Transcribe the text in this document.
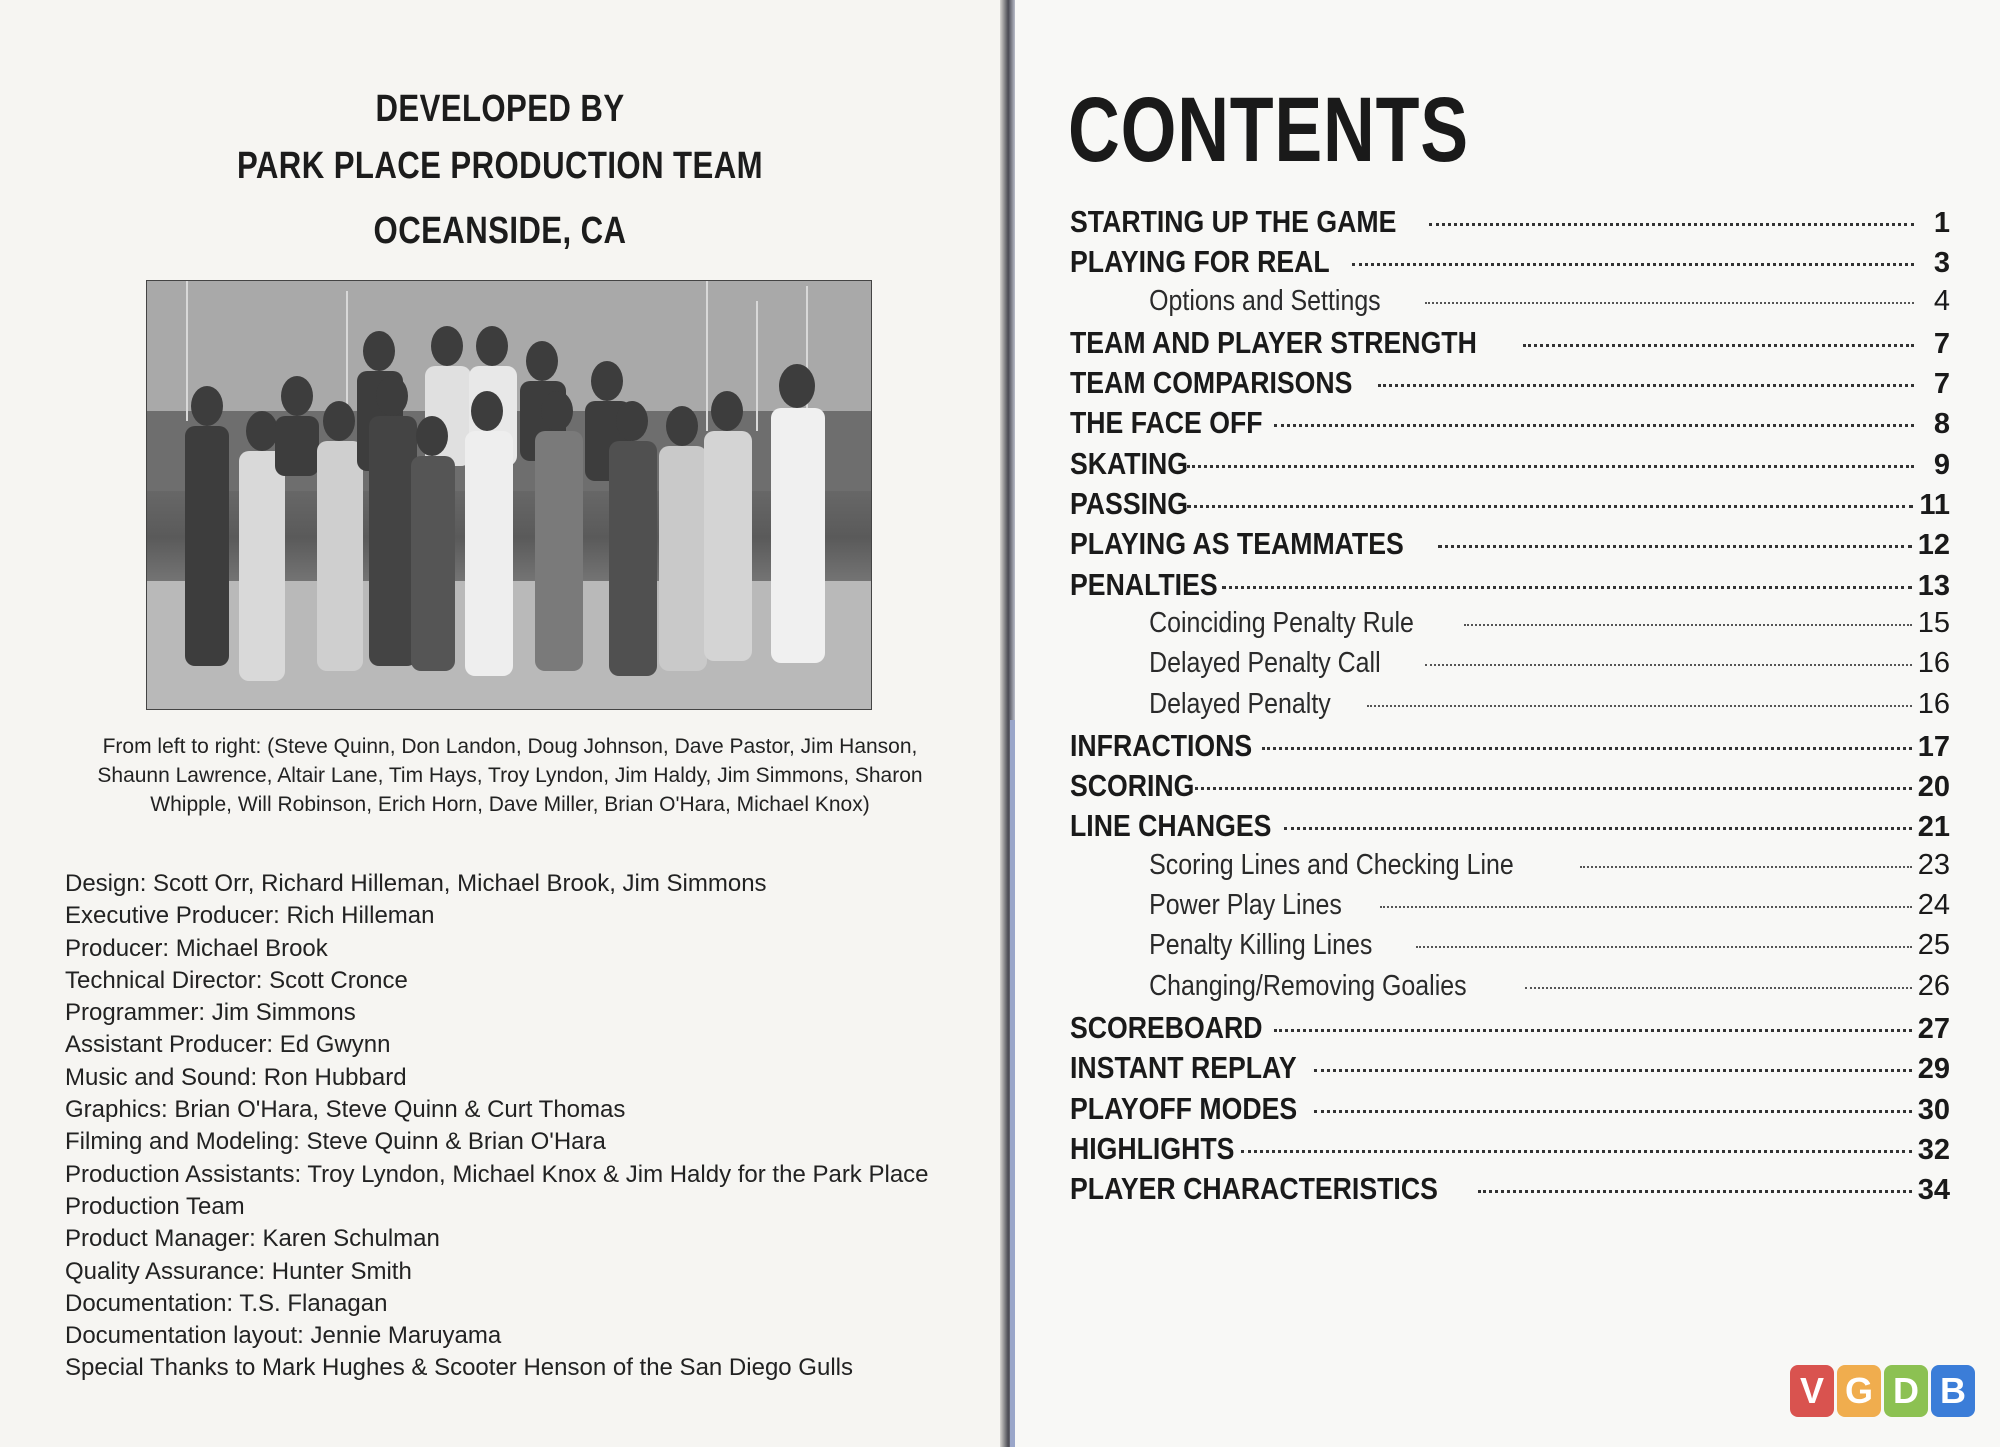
DEVELOPED BY
PARK PLACE PRODUCTION TEAM
OCEANSIDE, CA
From left to right: (Steve Quinn, Don Landon, Doug Johnson, Dave Pastor, Jim Hanson, Shaunn Lawrence, Altair Lane, Tim Hays, Troy Lyndon, Jim Haldy, Jim Simmons, Sharon Whipple, Will Robinson, Erich Horn, Dave Miller, Brian O'Hara, Michael Knox)
Design: Scott Orr, Richard Hilleman, Michael Brook, Jim Simmons
Executive Producer: Rich Hilleman
Producer: Michael Brook
Technical Director: Scott Cronce
Programmer: Jim Simmons
Assistant Producer: Ed Gwynn
Music and Sound: Ron Hubbard
Graphics: Brian O'Hara, Steve Quinn & Curt Thomas
Filming and Modeling: Steve Quinn & Brian O'Hara
Production Assistants: Troy Lyndon, Michael Knox & Jim Haldy for the Park Place
Production Team
Product Manager: Karen Schulman
Quality Assurance: Hunter Smith
Documentation: T.S. Flanagan
Documentation layout: Jennie Maruyama
Special Thanks to Mark Hughes & Scooter Henson of the San Diego Gulls
CONTENTS
STARTING UP THE GAME	1
PLAYING FOR REAL	3
Options and Settings	4
TEAM AND PLAYER STRENGTH	7
TEAM COMPARISONS	7
THE FACE OFF	8
SKATING	9
PASSING	11
PLAYING AS TEAMMATES	12
PENALTIES	13
Coinciding Penalty Rule	15
Delayed Penalty Call	16
Delayed Penalty	16
INFRACTIONS	17
SCORING	20
LINE CHANGES	21
Scoring Lines and Checking Line	23
Power Play Lines	24
Penalty Killing Lines	25
Changing/Removing Goalies	26
SCOREBOARD	27
INSTANT REPLAY	29
PLAYOFF MODES	30
HIGHLIGHTS	32
PLAYER CHARACTERISTICS	34
V G D B
